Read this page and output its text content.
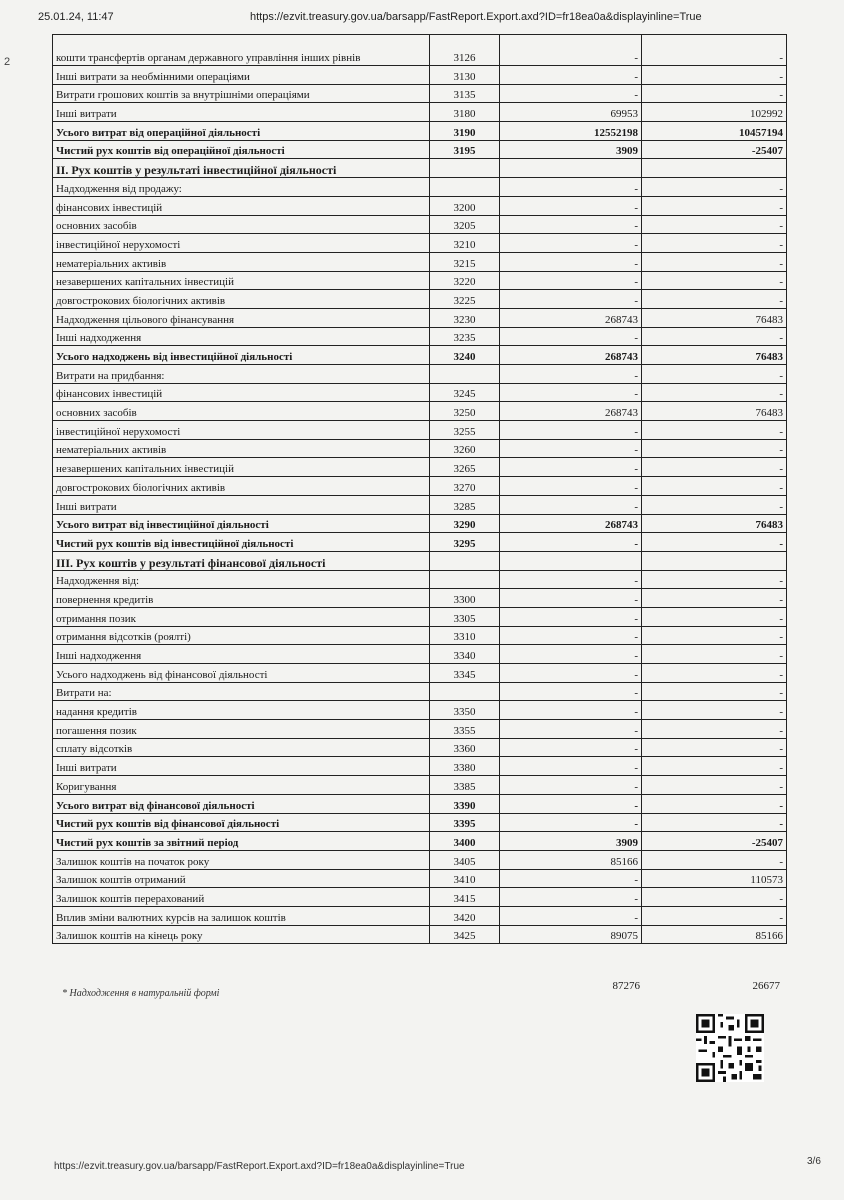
25.01.24, 11:47	https://ezvit.treasury.gov.ua/barsapp/FastReport.Export.axd?ID=fr18ea0a&displayinline=True
2	кошти трансфертів органам державного управління інших рівнів	3126	-	-
Інші витрати за необмінними операціями	3130	-	-
Витрати грошових коштів за внутрішніми операціями	3135	-	-
Інші витрати	3180	69953	102992
Усього витрат від операційної діяльності	3190	12552198	10457194
Чистий рух коштів від операційної діяльності	3195	3909	-25407
ІІ. Рух коштів у результаті інвестиційної діяльності			
Надходження від продажу:		-	-
фінансових інвестицій	3200	-	-
основних засобів	3205	-	-
інвестиційної нерухомості	3210	-	-
нематеріальних активів	3215	-	-
незавершених капітальних інвестицій	3220	-	-
довгострокових біологічних активів	3225	-	-
Надходження цільового фінансування	3230	268743	76483
Інші надходження	3235	-	-
Усього надходжень від інвестиційної діяльності	3240	268743	76483
Витрати на придбання:		-	-
фінансових інвестицій	3245	-	-
основних засобів	3250	268743	76483
інвестиційної нерухомості	3255	-	-
нематеріальних активів	3260	-	-
незавершених капітальних інвестицій	3265	-	-
довгострокових біологічних активів	3270	-	-
Інші витрати	3285	-	-
Усього витрат від інвестиційної діяльності	3290	268743	76483
Чистий рух коштів від інвестиційної діяльності	3295	-	-
ІІІ. Рух коштів у результаті фінансової діяльності			
Надходження від:		-	-
повернення кредитів	3300	-	-
отримання позик	3305	-	-
отримання відсотків (роялті)	3310	-	-
Інші надходження	3340	-	-
Усього надходжень від фінансової діяльності	3345	-	-
Витрати на:		-	-
надання кредитів	3350	-	-
погашення позик	3355	-	-
сплату відсотків	3360	-	-
Інші витрати	3380	-	-
Коригування	3385	-	-
Усього витрат від фінансової діяльності	3390	-	-
Чистий рух коштів від фінансової діяльності	3395	-	-
Чистий рух коштів за звітний період	3400	3909	-25407
Залишок коштів на початок року	3405	85166	-
Залишок коштів отриманий	3410	-	110573
Залишок коштів перерахований	3415	-	-
Вплив зміни валютних курсів на залишок коштів	3420	-	-
Залишок коштів на кінець року	3425	89075	85166
* Надходження в натуральній формі
87276	26677
https://ezvit.treasury.gov.ua/barsapp/FastReport.Export.axd?ID=fr18ea0a&displayinline=True	3/6
